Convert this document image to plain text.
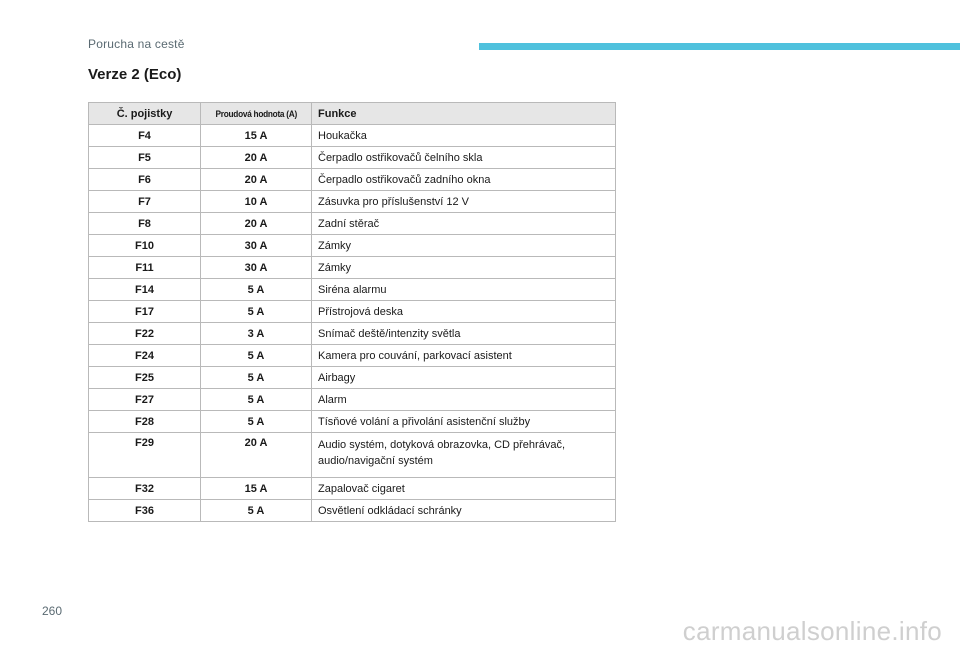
Porucha na cestě
Verze 2 (Eco)
Č. pojistky	Proudová hodnota (A)	Funkce
F4	15 A	Houkačka
F5	20 A	Čerpadlo ostřikovačů čelního skla
F6	20 A	Čerpadlo ostřikovačů zadního okna
F7	10 A	Zásuvka pro příslušenství 12 V
F8	20 A	Zadní stěrač
F10	30 A	Zámky
F11	30 A	Zámky
F14	5 A	Siréna alarmu
F17	5 A	Přístrojová deska
F22	3 A	Snímač deště/intenzity světla
F24	5 A	Kamera pro couvání, parkovací asistent
F25	5 A	Airbagy
F27	5 A	Alarm
F28	5 A	Tísňové volání a přivolání asistenční služby
F29	20 A	Audio systém, dotyková obrazovka, CD přehrávač, audio/navigační systém
F32	15 A	Zapalovač cigaret
F36	5 A	Osvětlení odkládací schránky
260
carmanualsonline.info
